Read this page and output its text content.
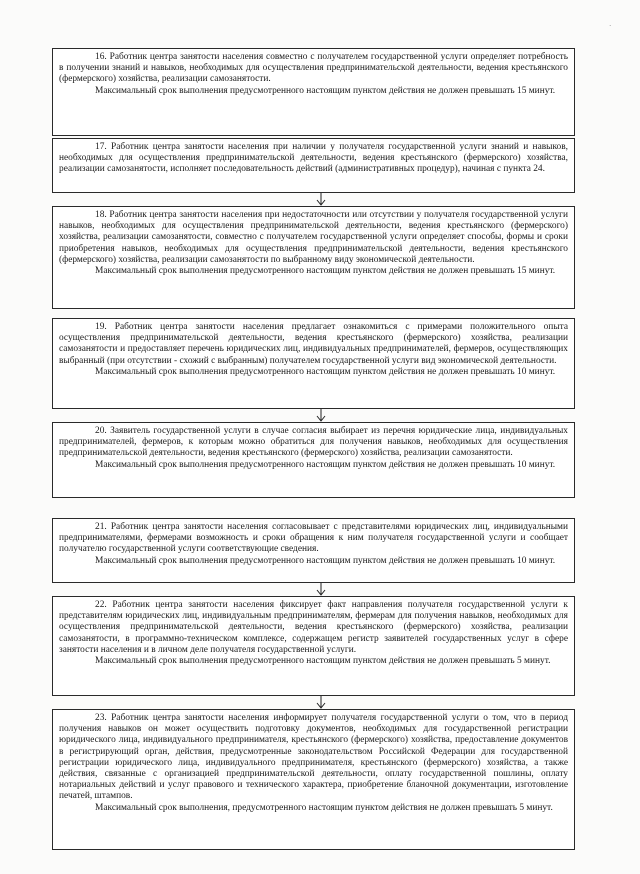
·

16. Работник центра занятости населения совместно с получателем государственной услуги определяет потребность в получении знаний и навыков, необходимых для осуществления предпринимательской деятельности, ведения крестьянского (фермерского) хозяйства, реализации самозанятости.

Максимальный срок выполнения предусмотренного настоящим пунктом действия не должен превышать 15 минут.

17. Работник центра занятости населения при наличии у получателя государственной услуги знаний и навыков, необходимых для осуществления предпринимательской деятельности, ведения крестьянского (фермерского) хозяйства, реализации самозанятости, исполняет последовательность действий (административных процедур), начиная с пункта 24.

18. Работник центра занятости населения при недостаточности или отсутствии у получателя государственной услуги навыков, необходимых для осуществления предпринимательской деятельности, ведения крестьянского (фермерского) хозяйства, реализации самозанятости, совместно с получателем государственной услуги определяет способы, формы и сроки приобретения навыков, необходимых для осуществления предпринимательской деятельности, ведения крестьянского (фермерского) хозяйства, реализации самозанятости по выбранному виду экономической деятельности.

Максимальный срок выполнения предусмотренного настоящим пунктом действия не должен превышать 15 минут.

19. Работник центра занятости населения предлагает ознакомиться с примерами положительного опыта осуществления предпринимательской деятельности, ведения крестьянского (фермерского) хозяйства, реализации самозанятости и предоставляет перечень юридических лиц, индивидуальных предпринимателей, фермеров, осуществляющих выбранный (при отсутствии - схожий с выбранным) получателем государственной услуги вид экономической деятельности.

Максимальный срок выполнения предусмотренного настоящим пунктом действия не должен превышать 10 минут.

20. Заявитель государственной услуги в случае согласия выбирает из перечня юридические лица, индивидуальных предпринимателей, фермеров, к которым можно обратиться для получения навыков, необходимых для осуществления предпринимательской деятельности, ведения крестьянского (фермерского) хозяйства, реализации самозанятости.

Максимальный срок выполнения предусмотренного настоящим пунктом действия не должен превышать 10 минут.

21. Работник центра занятости населения согласовывает с представителями юридических лиц, индивидуальными предпринимателями, фермерами возможность и сроки обращения к ним получателя государственной услуги и сообщает получателю государственной услуги соответствующие сведения.

Максимальный срок выполнения предусмотренного настоящим пунктом действия не должен превышать 10 минут.

22. Работник центра занятости населения фиксирует факт направления получателя государственной услуги к представителям юридических лиц, индивидуальным предпринимателям, фермерам для получения навыков, необходимых для осуществления предпринимательской деятельности, ведения крестьянского (фермерского) хозяйства, реализации самозанятости, в программно-техническом комплексе, содержащем регистр заявителей государственных услуг в сфере занятости населения и в личном деле получателя государственной услуги.

Максимальный срок выполнения предусмотренного настоящим пунктом действия не должен превышать 5 минут.

23. Работник центра занятости населения информирует получателя государственной услуги о том, что в период получения навыков он может осуществить подготовку документов, необходимых для государственной регистрации юридического лица, индивидуального предпринимателя, крестьянского (фермерского) хозяйства, предоставление документов в регистрирующий орган, действия, предусмотренные законодательством Российской Федерации для государственной регистрации юридического лица, индивидуального предпринимателя, крестьянского (фермерского) хозяйства, а также действия, связанные с организацией предпринимательской деятельности, оплату государственной пошлины, оплату нотариальных действий и услуг правового и технического характера, приобретение бланочной документации, изготовление печатей, штампов.

Максимальный срок выполнения, предусмотренного настоящим пунктом действия не должен превышать 5 минут.
